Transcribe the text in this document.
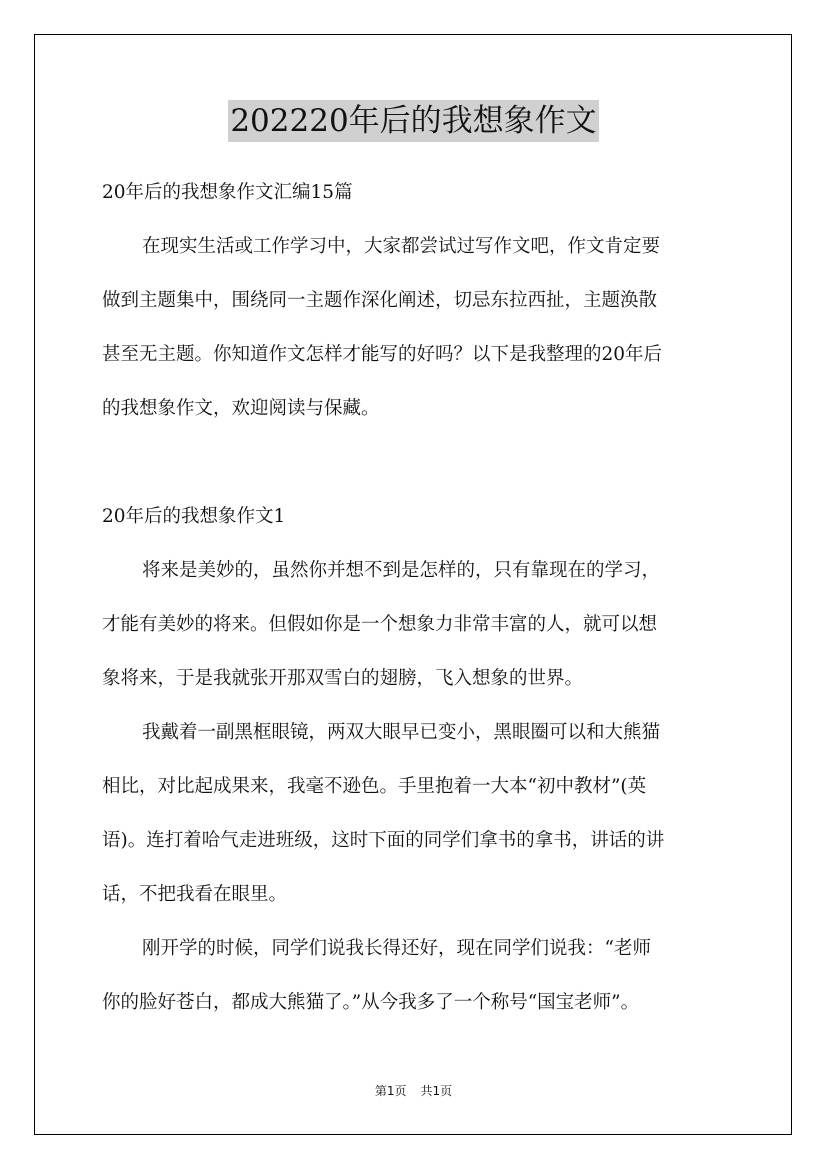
202220年后的我想象作文
20年后的我想象作文汇编15篇
在现实生活或工作学习中，大家都尝试过写作文吧，作文肯定要
做到主题集中，围绕同一主题作深化阐述，切忌东拉西扯，主题涣散
甚至无主题。你知道作文怎样才能写的好吗？以下是我整理的20年后
的我想象作文，欢迎阅读与保藏。
20年后的我想象作文1
将来是美妙的，虽然你并想不到是怎样的，只有靠现在的学习，
才能有美妙的将来。但假如你是一个想象力非常丰富的人，就可以想
象将来，于是我就张开那双雪白的翅膀，飞入想象的世界。
我戴着一副黑框眼镜，两双大眼早已变小，黑眼圈可以和大熊猫
相比，对比起成果来，我毫不逊色。手里抱着一大本“初中教材”(英
语)。连打着哈气走进班级，这时下面的同学们拿书的拿书，讲话的讲
话，不把我看在眼里。
刚开学的时候，同学们说我长得还好，现在同学们说我：“老师
你的脸好苍白，都成大熊猫了。”从今我多了一个称号“国宝老师”。
第1页 共1页
